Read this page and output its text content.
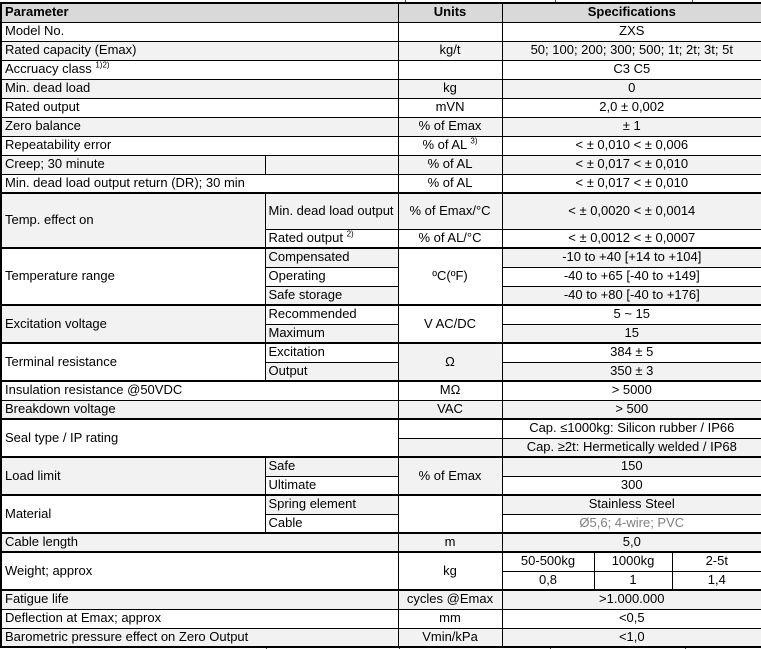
Parameter		Units	Specifications		
Model No.			ZXS		
Rated capacity (Emax)		kg/t	50; 100; 200; 300; 500; 1t; 2t; 3t; 5t		
Accruacy class $^{1)2)}$			C3 C5		
Min. dead load		kg	0		
Rated output		mVN	2,0 ± 0,002		
Zero balance		% of Emax	± 1		
Repeatability error		% of AL $^{3)}$	< ± 0,010 < ± 0,006		
Creep; 30 minute		% of AL	< ± 0,017 < ± 0,010		
Min. dead load output return (DR); 30 min		% of AL	< ± 0,017 < ± 0,010		
Temp. effect on	Min. dead load output	% of Emax/°C	< ± 0,0020 < ± 0,0014		
	Rated output $^{2)}$	% of AL/°C	< ± 0,0012 < ± 0,0007		
Temperature range	Compensated	ºC(ºF)	-10 to +40 [+14 to +104]		
	Operating		-40 to +65 [-40 to +149]		
	Safe storage		-40 to +80 [-40 to +176]		
Excitation voltage	Recommended	V AC/DC	5 ~ 15		
	Maximum		15		
Terminal resistance	Excitation	Ω	384 ± 5		
	Output		350 ± 3		
Insulation resistance @50VDC		MΩ	> 5000		
Breakdown voltage		VAC	> 500		
Seal type / IP rating			Cap. ≤1000kg: Silicon rubber / IP66		
			Cap. ≥2t: Hermetically welded / IP68		
Load limit	Safe	% of Emax	150		
	Ultimate		300		
Material	Spring element		Stainless Steel		
	Cable		Ø5,6; 4-wire; PVC		
Cable length		m	5,0		
Weight; approx		kg	50-500kg	1000kg	2-5t
			0,8	1	1,4
Fatigue life		cycles @Emax	>1.000.000		
Deflection at Emax; approx		mm	<0,5		
Barometric pressure effect on Zero Output		Vmin/kPa	<1,0		
